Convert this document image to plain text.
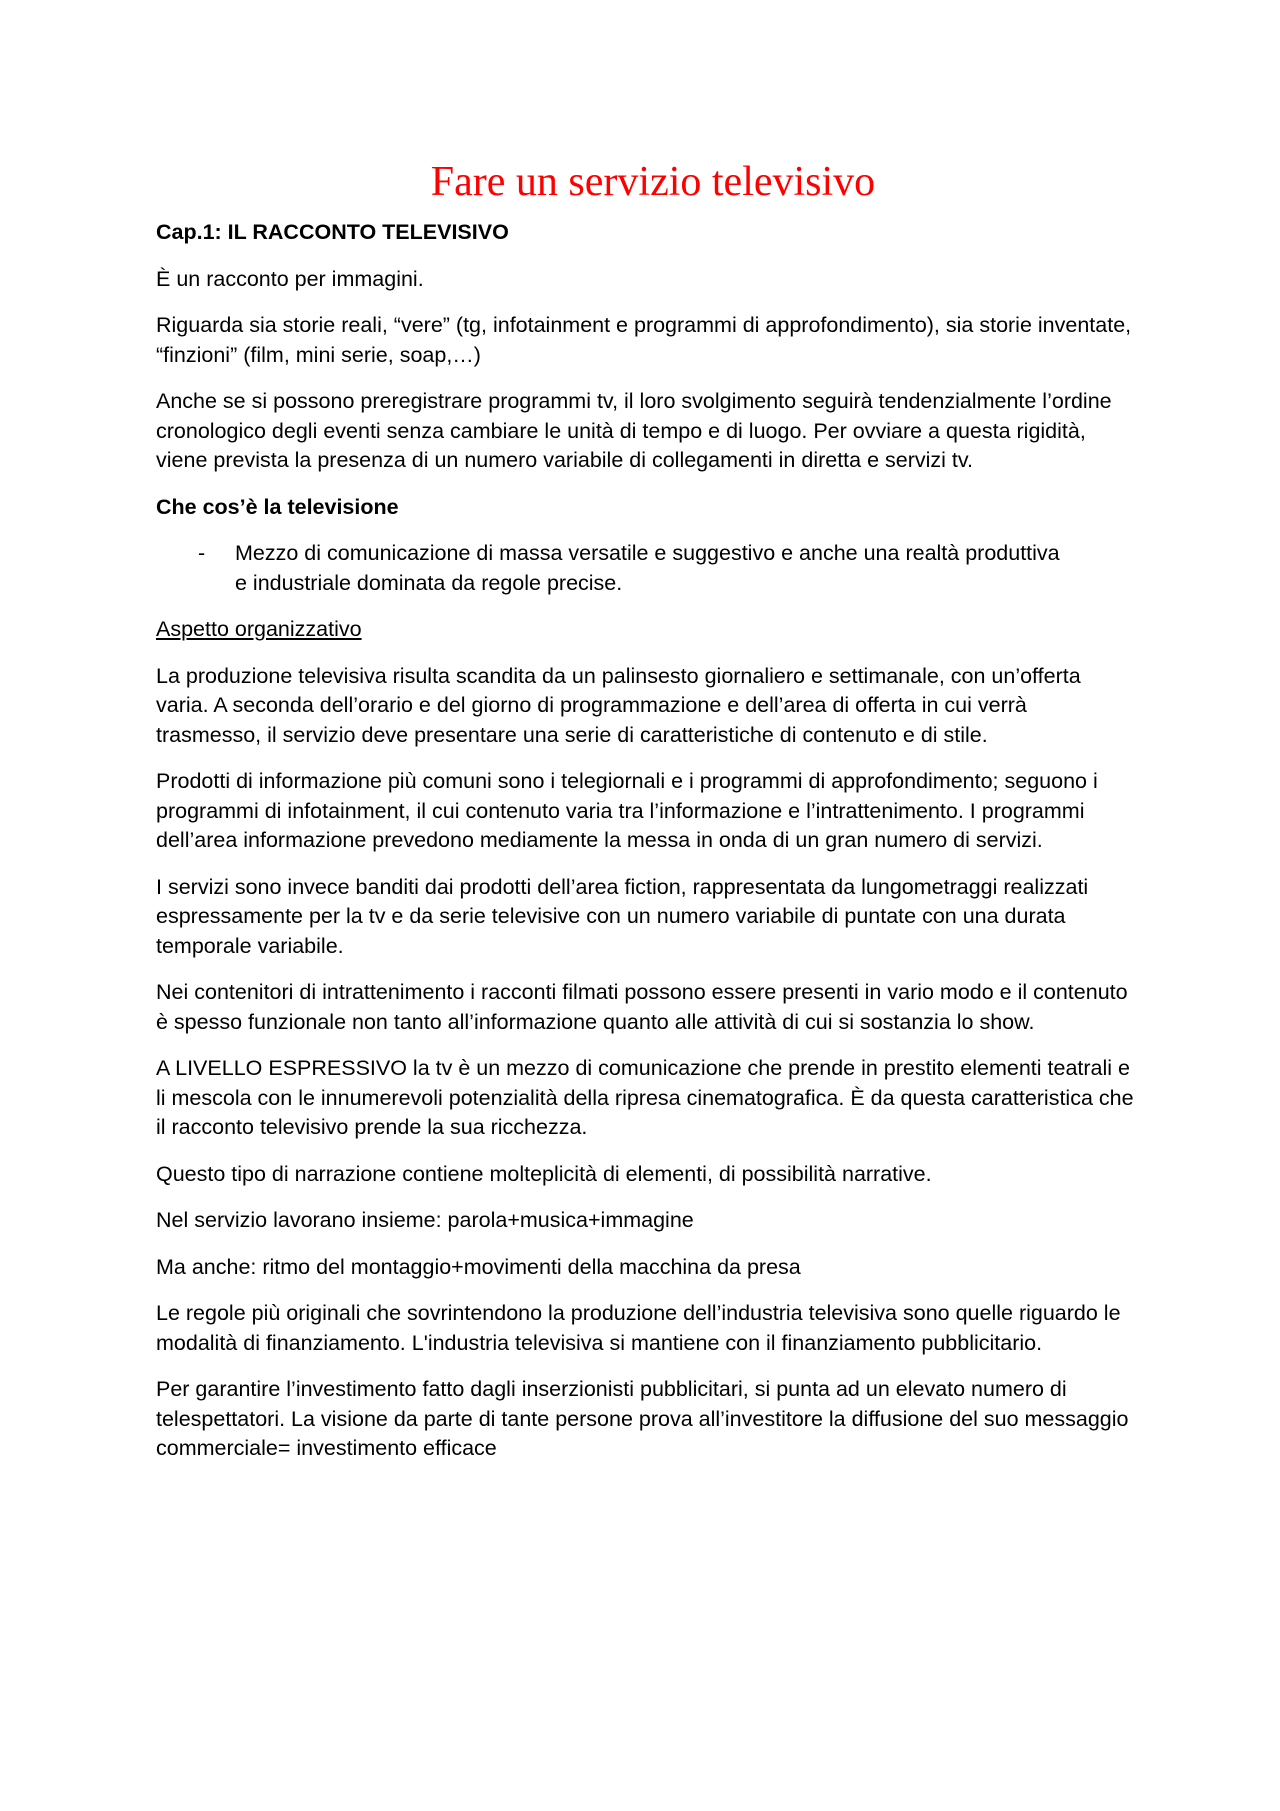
Fare un servizio televisivo
Cap.1: IL RACCONTO TELEVISIVO
È un racconto per immagini.
Riguarda sia storie reali, “vere” (tg, infotainment e programmi di approfondimento), sia storie inventate, “finzioni” (film, mini serie, soap,…)
Anche se si possono preregistrare programmi tv, il loro svolgimento seguirà tendenzialmente l’ordine cronologico degli eventi senza cambiare le unità di tempo e di luogo. Per ovviare a questa rigidità, viene prevista la presenza di un numero variabile di collegamenti in diretta e servizi tv.
Che cos’è la televisione
-	Mezzo di comunicazione di massa versatile e suggestivo e anche una realtà produttiva e industriale dominata da regole precise.
Aspetto organizzativo
La produzione televisiva risulta scandita da un palinsesto giornaliero e settimanale, con un’offerta varia. A seconda dell’orario e del giorno di programmazione e dell’area di offerta in cui verrà trasmesso, il servizio deve presentare una serie di caratteristiche di contenuto e di stile.
Prodotti di informazione più comuni sono i telegiornali e i programmi di approfondimento; seguono i programmi di infotainment, il cui contenuto varia tra l’informazione e l’intrattenimento. I programmi dell’area informazione prevedono mediamente la messa in onda di un gran numero di servizi.
I servizi sono invece banditi dai prodotti dell’area fiction, rappresentata da lungometraggi realizzati espressamente per la tv e da serie televisive con un numero variabile di puntate con una durata temporale variabile.
Nei contenitori di intrattenimento i racconti filmati possono essere presenti in vario modo e il contenuto è spesso funzionale non tanto all’informazione quanto alle attività di cui si sostanzia lo show.
A LIVELLO ESPRESSIVO la tv è un mezzo di comunicazione che prende in prestito elementi teatrali e li mescola con le innumerevoli potenzialità della ripresa cinematografica. È da questa caratteristica che il racconto televisivo prende la sua ricchezza.
Questo tipo di narrazione contiene molteplicità di elementi, di possibilità narrative.
Nel servizio lavorano insieme: parola+musica+immagine
Ma anche: ritmo del montaggio+movimenti della macchina da presa
Le regole più originali che sovrintendono la produzione dell’industria televisiva sono quelle riguardo le modalità di finanziamento. L'industria televisiva si mantiene con il finanziamento pubblicitario.
Per garantire l’investimento fatto dagli inserzionisti pubblicitari, si punta ad un elevato numero di telespettatori. La visione da parte di tante persone prova all’investitore la diffusione del suo messaggio commerciale= investimento efficace
